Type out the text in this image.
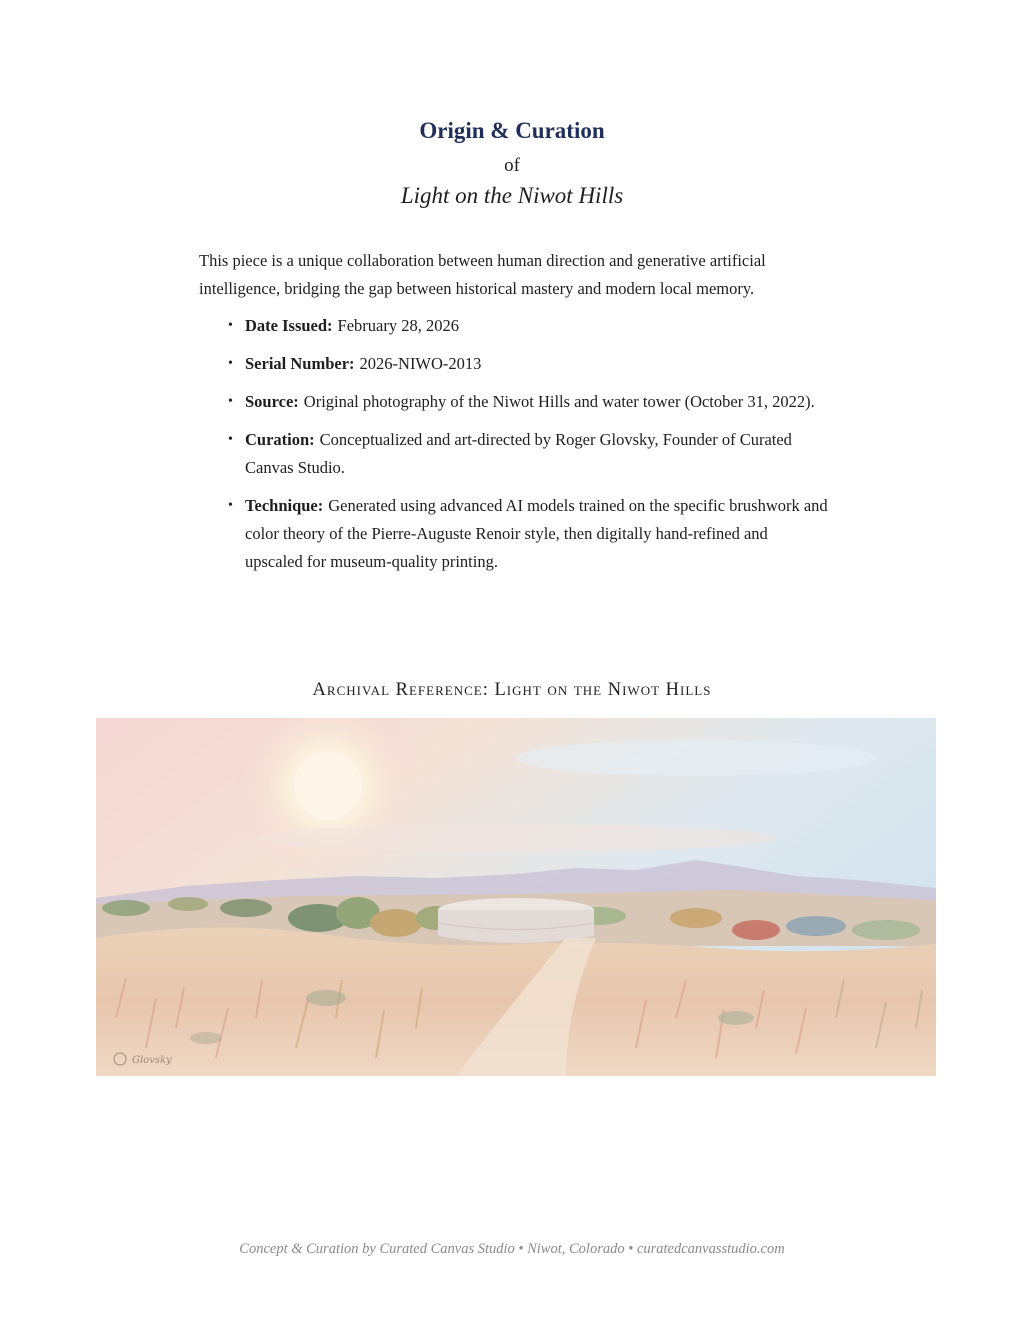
Origin & Curation
of
Light on the Niwot Hills

This piece is a unique collaboration between human direction and generative artificial intelligence, bridging the gap between historical mastery and modern local memory.

• Date Issued: February 28, 2026
• Serial Number: 2026-NIWO-2013
• Source: Original photography of the Niwot Hills and water tower (October 31, 2022).
• Curation: Conceptualized and art-directed by Roger Glovsky, Founder of Curated Canvas Studio.
• Technique: Generated using advanced AI models trained on the specific brushwork and color theory of the Pierre-Auguste Renoir style, then digitally hand-refined and upscaled for museum-quality printing.
Archival Reference: Light on the Niwot Hills
Glovsky
Concept & Curation by Curated Canvas Studio • Niwot, Colorado • curatedcanvasstudio.com
